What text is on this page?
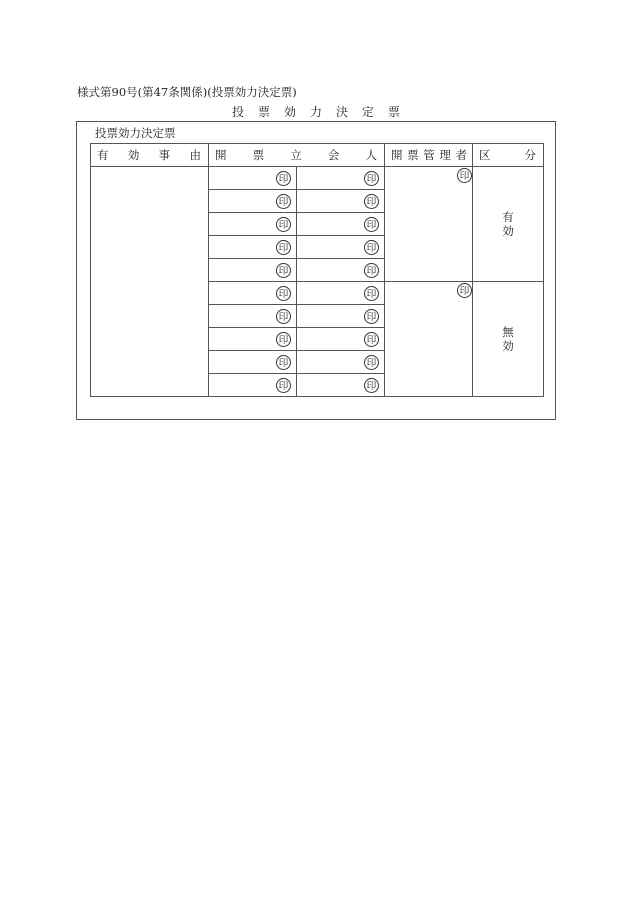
様式第90号(第47条関係)(投票効力決定票)
投 票 効 力 決 定 票
投票効力決定票
有 効 事 由	開 票 立 会 人		開 票 管 理 者	区 分

	印	印	印	有効
	印	印		
	印	印		
	印	印		
	印	印		
	印	印	印	無効
	印	印		
	印	印		
	印	印		
	印	印		
